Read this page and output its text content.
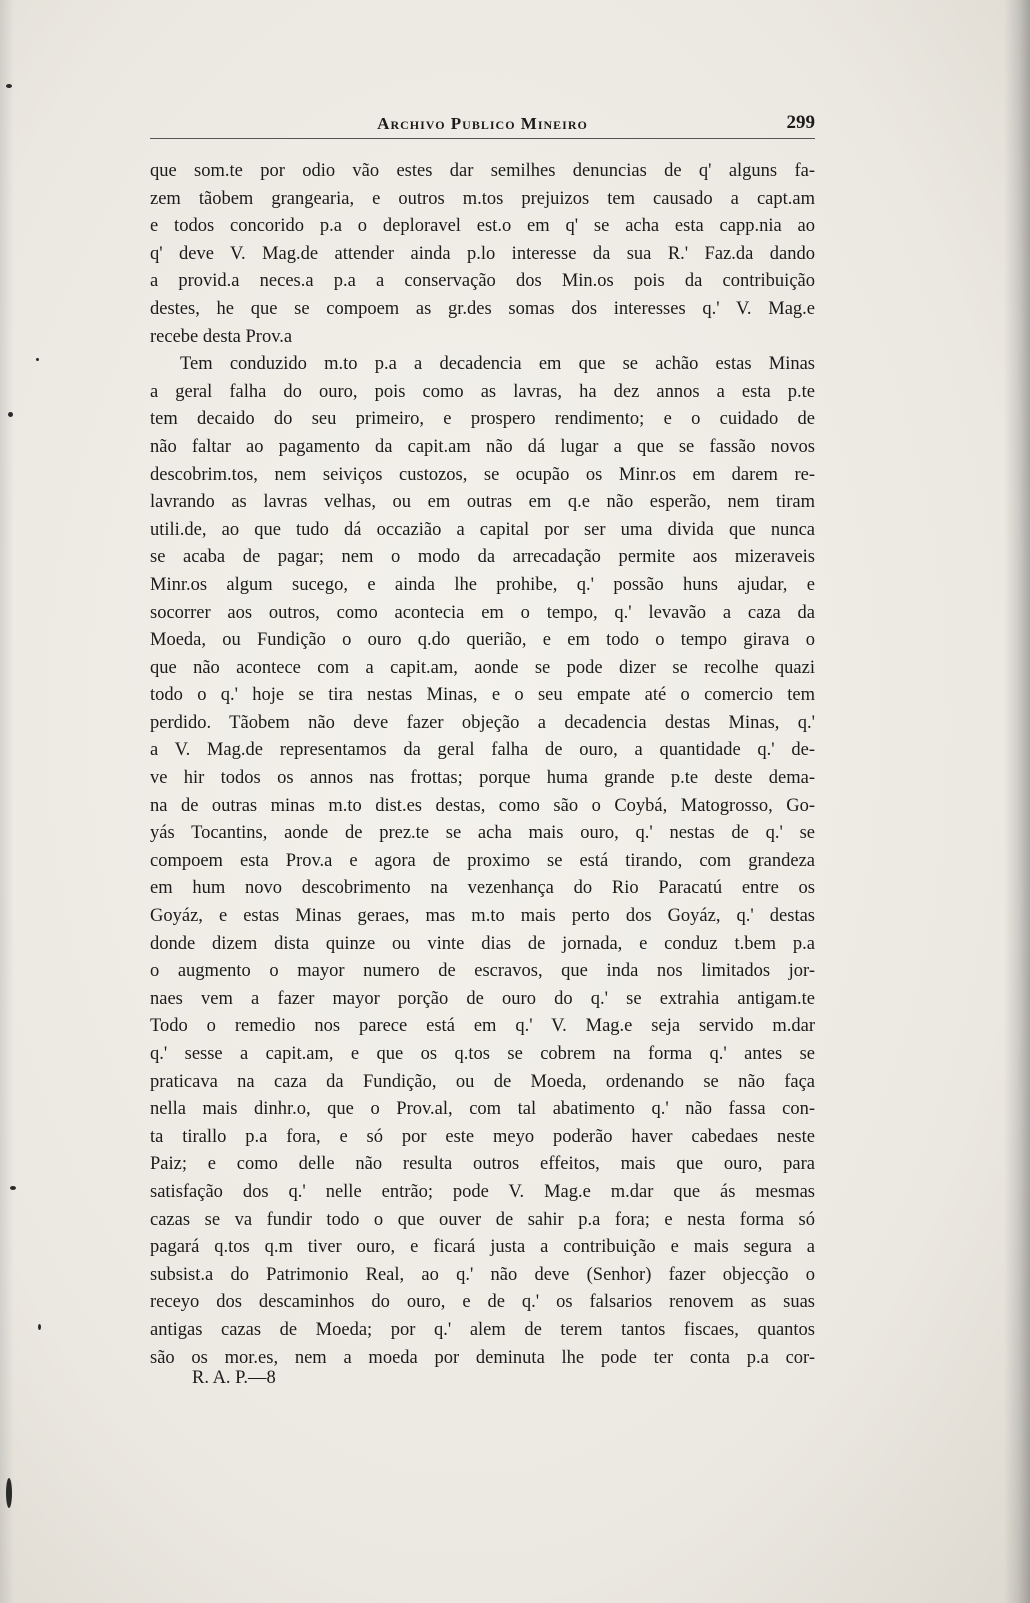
Archivo Publico Mineiro	299
que som.te por odio vão estes dar semilhes denuncias de q' alguns fa-
zem tãobem grangearia, e outros m.tos prejuizos tem causado a capt.am
e todos concorido p.a o deploravel est.o em q' se acha esta capp.nia ao
q' deve V. Mag.de attender ainda p.lo interesse da sua R.' Faz.da dando
a provid.a neces.a p.a a conservação dos Min.os pois da contribuição
destes, he que se compoem as gr.des somas dos interesses q.' V. Mag.e
recebe desta Prov.a
Tem conduzido m.to p.a a decadencia em que se achão estas Minas
a geral falha do ouro, pois como as lavras, ha dez annos a esta p.te
tem decaido do seu primeiro, e prospero rendimento; e o cuidado de
não faltar ao pagamento da capit.am não dá lugar a que se fassão novos
descobrim.tos, nem seiviços custozos, se ocupão os Minr.os em darem re-
lavrando as lavras velhas, ou em outras em q.e não esperão, nem tiram
utili.de, ao que tudo dá occazião a capital por ser uma divida que nunca
se acaba de pagar; nem o modo da arrecadação permite aos mizeraveis
Minr.os algum sucego, e ainda lhe prohibe, q.' possão huns ajudar, e
socorrer aos outros, como acontecia em o tempo, q.' levavão a caza da
Moeda, ou Fundição o ouro q.do querião, e em todo o tempo girava o
que não acontece com a capit.am, aonde se pode dizer se recolhe quazi
todo o q.' hoje se tira nestas Minas, e o seu empate até o comercio tem
perdido. Tãobem não deve fazer objeção a decadencia destas Minas, q.'
a V. Mag.de representamos da geral falha de ouro, a quantidade q.' de-
ve hir todos os annos nas frottas; porque huma grande p.te deste dema-
na de outras minas m.to dist.es destas, como são o Coybá, Matogrosso, Go-
yás Tocantins, aonde de prez.te se acha mais ouro, q.' nestas de q.' se
compoem esta Prov.a e agora de proximo se está tirando, com grandeza
em hum novo descobrimento na vezenhança do Rio Paracatú entre os
Goyáz, e estas Minas geraes, mas m.to mais perto dos Goyáz, q.' destas
donde dizem dista quinze ou vinte dias de jornada, e conduz t.bem p.a
o augmento o mayor numero de escravos, que inda nos limitados jor-
naes vem a fazer mayor porção de ouro do q.' se extrahia antigam.te
Todo o remedio nos parece está em q.' V. Mag.e seja servido m.dar
q.' sesse a capit.am, e que os q.tos se cobrem na forma q.' antes se
praticava na caza da Fundição, ou de Moeda, ordenando se não faça
nella mais dinhr.o, que o Prov.al, com tal abatimento q.' não fassa con-
ta tirallo p.a fora, e só por este meyo poderão haver cabedaes neste
Paiz; e como delle não resulta outros effeitos, mais que ouro, para
satisfação dos q.' nelle entrão; pode V. Mag.e m.dar que ás mesmas
cazas se va fundir todo o que ouver de sahir p.a fora; e nesta forma só
pagará q.tos q.m tiver ouro, e ficará justa a contribuição e mais segura a
subsist.a do Patrimonio Real, ao q.' não deve (Senhor) fazer objecção o
receyo dos descaminhos do ouro, e de q.' os falsarios renovem as suas
antigas cazas de Moeda; por q.' alem de terem tantos fiscaes, quantos
são os mor.es, nem a moeda por deminuta lhe pode ter conta p.a cor-
R. A. P.—8
